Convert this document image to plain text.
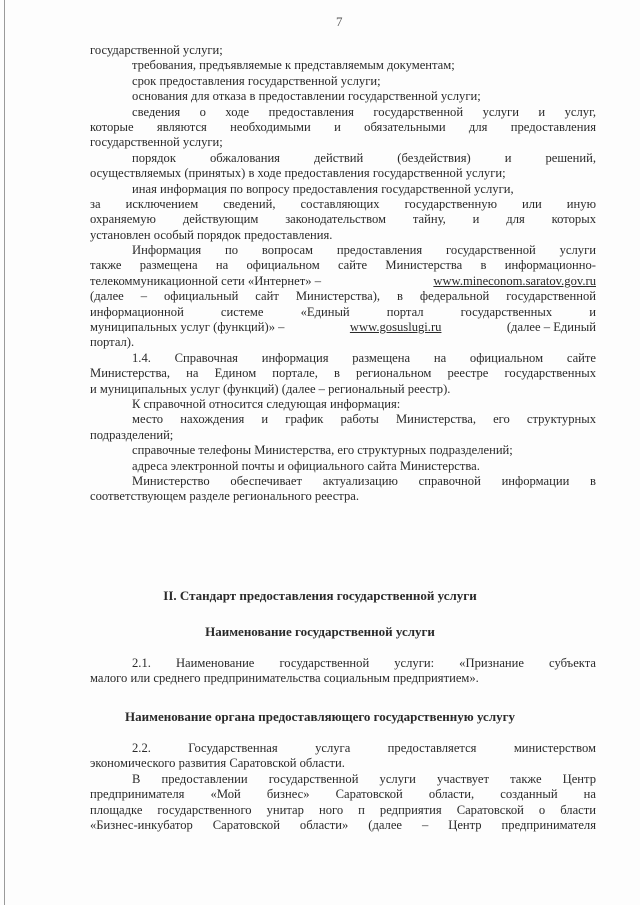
7
государственной услуги;
требования, предъявляемые к представляемым документам;
срок предоставления государственной услуги;
основания для отказа в предоставлении государственной услуги;
сведения о ходе предоставления государственной услуги и услуг,
которые являются необходимыми и обязательными для предоставления
государственной услуги;
порядок обжалования действий (бездействия) и решений,
осуществляемых (принятых) в ходе предоставления государственной услуги;
иная информация по вопросу предоставления государственной услуги,
за исключением сведений, составляющих государственную или иную
охраняемую действующим законодательством тайну, и для которых
установлен особый порядок предоставления.
Информация по вопросам предоставления государственной услуги
также размещена на официальном сайте Министерства в информационно-
телекоммуникационной сети «Интернет» –	www.mineconom.saratov.gov.ru
(далее – официальный сайт Министерства), в федеральной государственной
информационной системе «Единый портал государственных и
муниципальных услуг (функций)» –	www.gosuslugi.ru	(далее – Единый
портал).
1.4. Справочная информация размещена на официальном сайте
Министерства, на Едином портале, в региональном реестре государственных
и муниципальных услуг (функций) (далее – региональный реестр).
К справочной относится следующая информация:
место нахождения и график работы Министерства, его структурных
подразделений;
справочные телефоны Министерства, его структурных подразделений;
адреса электронной почты и официального сайта Министерства.
Министерство обеспечивает актуализацию справочной информации в
соответствующем разделе регионального реестра.
II. Стандарт предоставления государственной услуги
Наименование государственной услуги
2.1. Наименование государственной услуги: «Признание субъекта
малого или среднего предпринимательства социальным предприятием».
Наименование органа предоставляющего государственную услугу
2.2. Государственная услуга предоставляется министерством
экономического развития Саратовской области.
В предоставлении государственной услуги участвует также Центр
предпринимателя «Мой бизнес» Саратовской области, созданный на
площадке государственного унитар ного п редприятия Саратовской о бласти
«Бизнес-инкубатор Саратовской области» (далее – Центр предпринимателя
